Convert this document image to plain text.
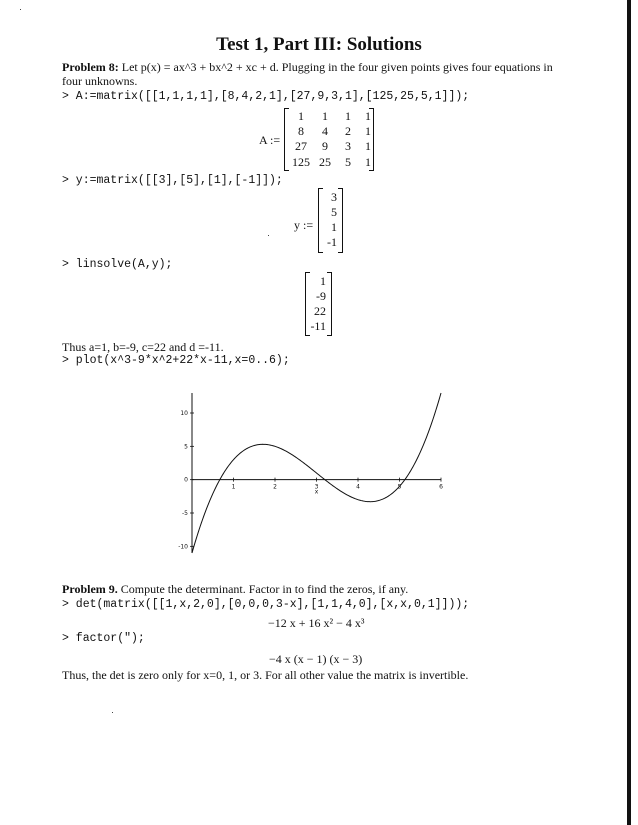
Test 1, Part III: Solutions
Problem 8: Let p(x) = ax^3 + bx^2 + xc + d. Plugging in the four given points gives four equations in
four unknowns.
> A:=matrix([[1,1,1,1],[8,4,2,1],[27,9,3,1],[125,25,5,1]]);
A :=
1	1	1	1
8	4	2	1
27	9	3	1
125 25	5	1
> y:=matrix([[3],[5],[1],[-1]]);
y :=
3
5
1
-1
> linsolve(A,y);
1
-9
22
-11
Thus a=1, b=-9, c=22 and d =-11.
> plot(x^3-9*x^2+22*x-11,x=0..6);
1	2	3	4	5	6
x
10
5
0
-5
-10
Problem 9. Compute the determinant. Factor in to find the zeros, if any.
> det(matrix([[1,x,2,0],[0,0,0,3-x],[1,1,4,0],[x,x,0,1]]));
−12 x + 16 x² − 4 x³
> factor(");
−4 x (x − 1) (x − 3)
Thus, the det is zero only for x=0, 1, or 3. For all other value the matrix is invertible.
